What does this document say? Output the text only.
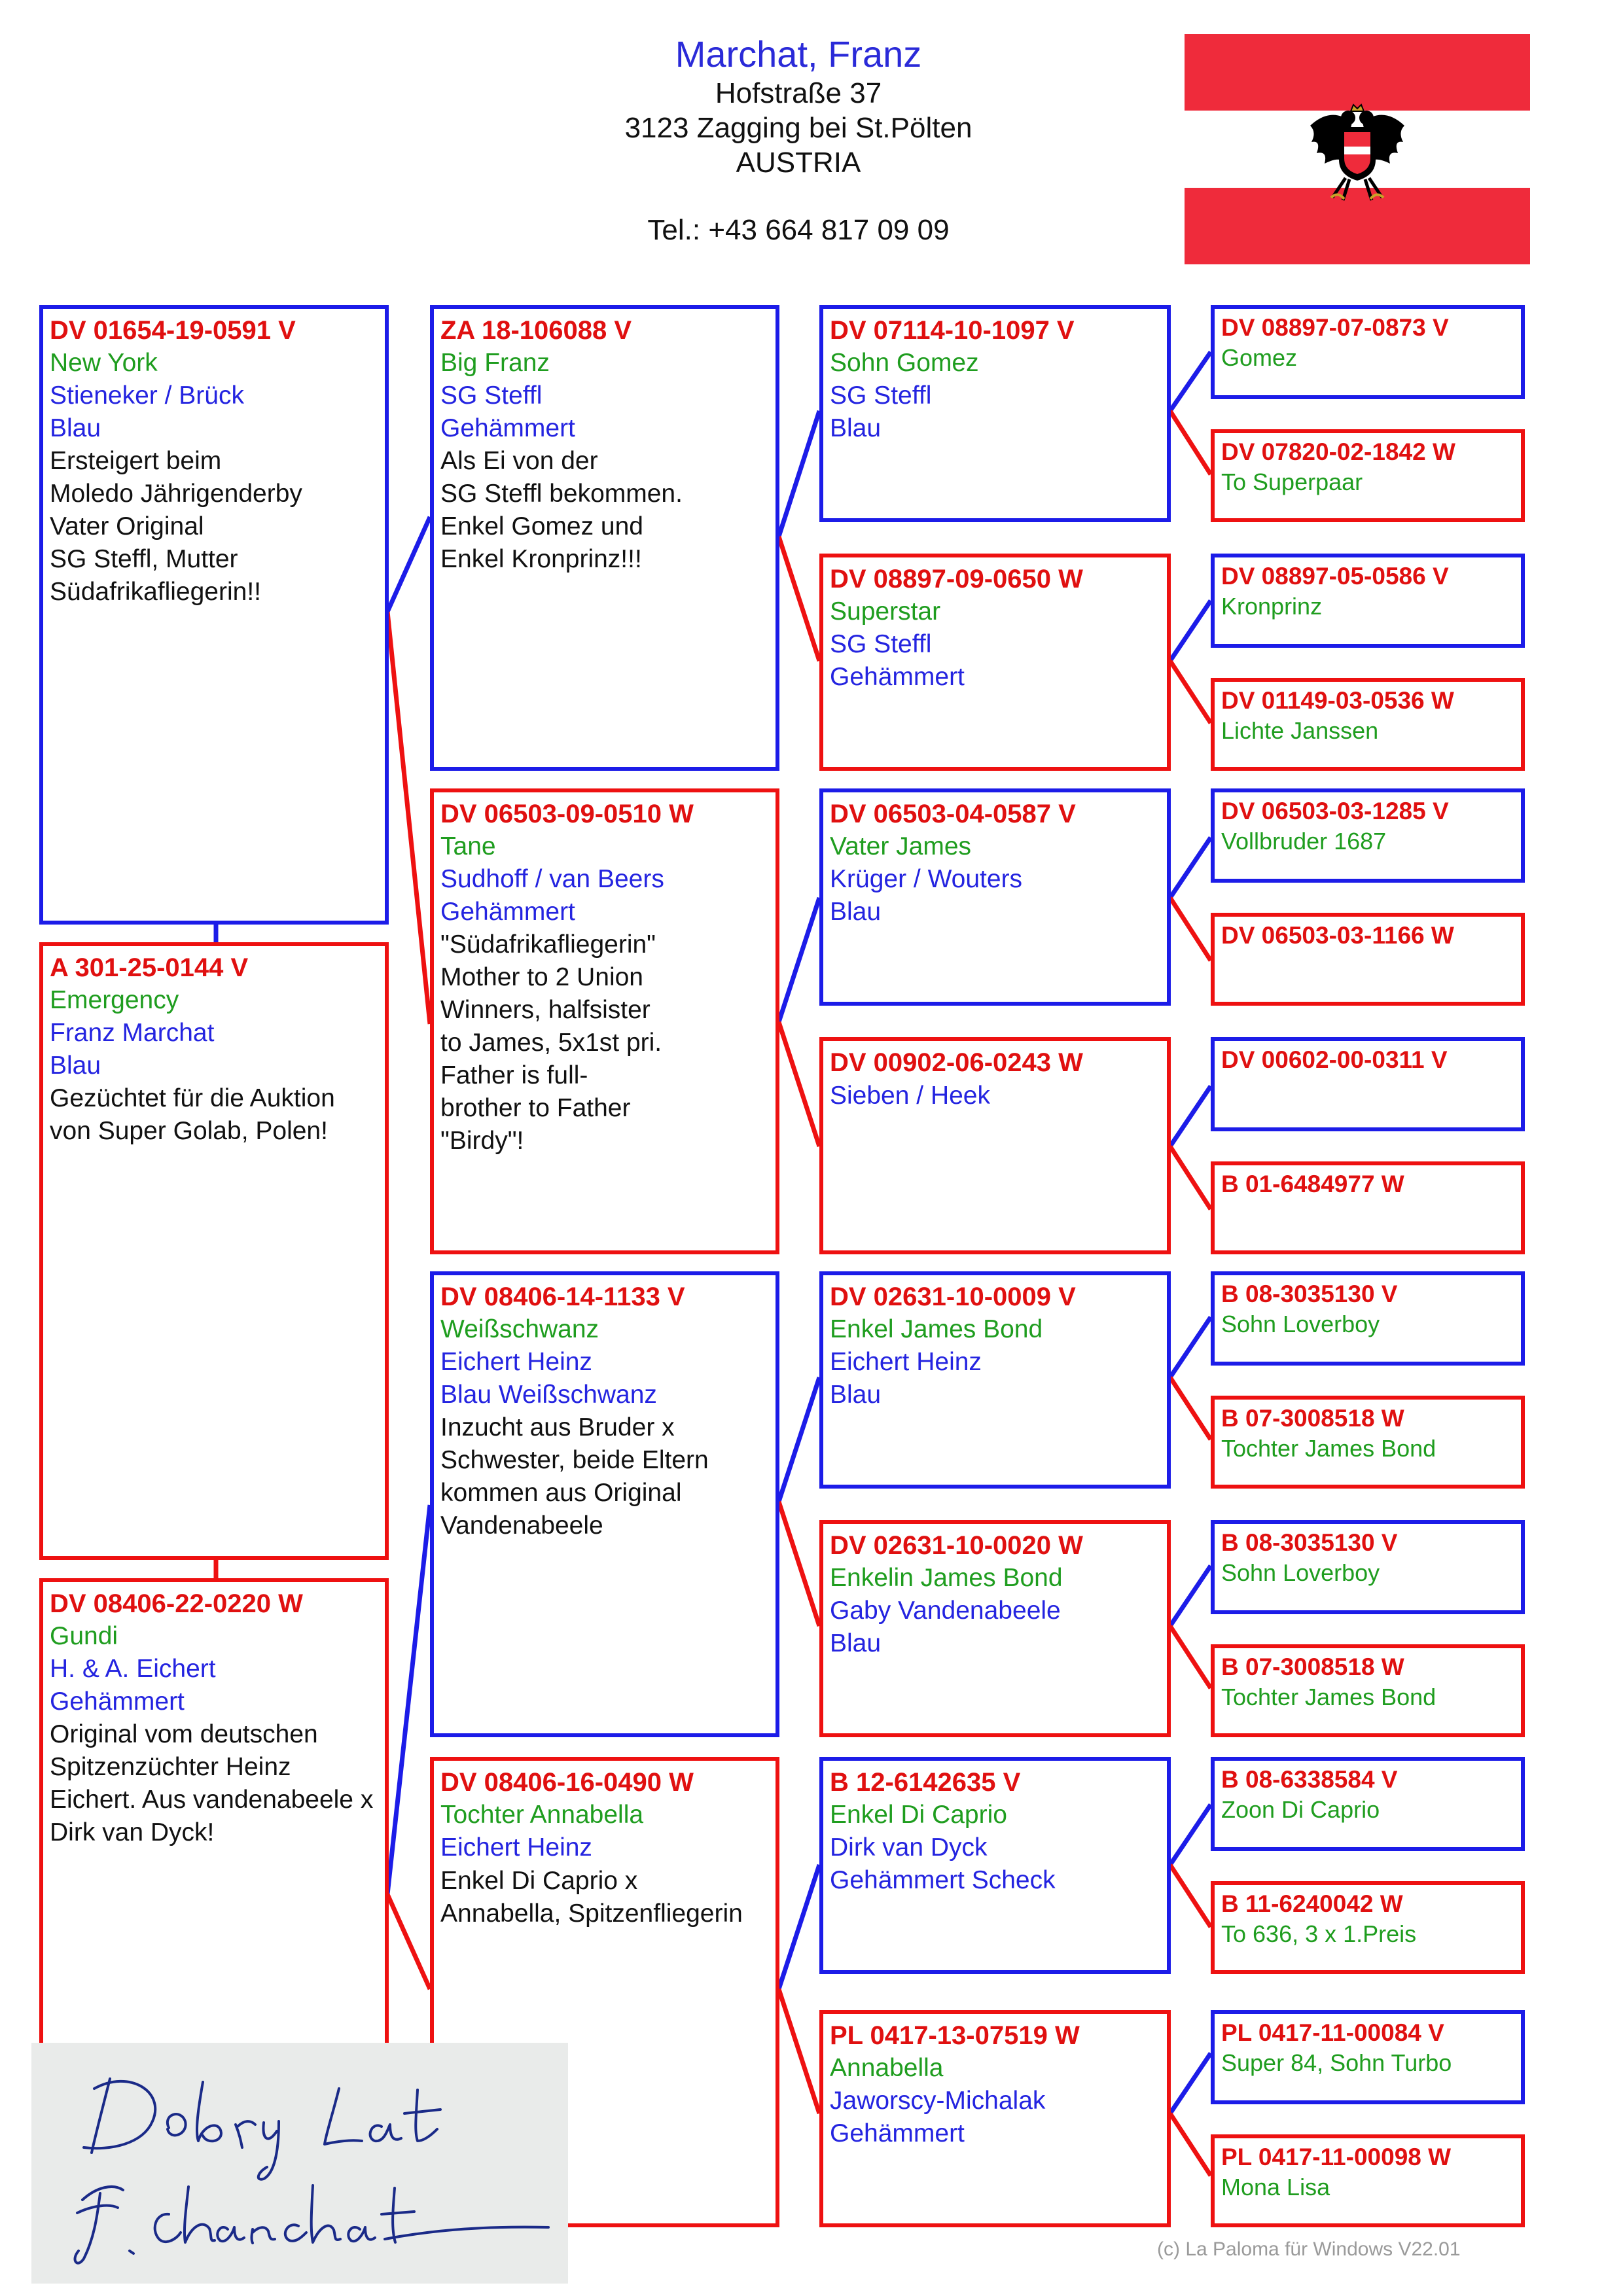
Marchat, Franz
Hofstraße 37
3123 Zagging bei St.Pölten
AUSTRIA
Tel.: +43 664 817 09 09
DV 01654-19-0591 V
New York
Stieneker / Brück
Blau
Ersteigert beim
Moledo Jährigenderby
Vater Original
SG Steffl, Mutter
Südafrikafliegerin!!
A 301-25-0144 V
Emergency
Franz Marchat
Blau
Gezüchtet für die Auktion
von Super Golab, Polen!
DV 08406-22-0220 W
Gundi
H. & A. Eichert
Gehämmert
Original vom deutschen
Spitzenzüchter Heinz
Eichert. Aus vandenabeele x
Dirk van Dyck!
ZA 18-106088 V
Big Franz
SG Steffl
Gehämmert
Als Ei von der
SG Steffl bekommen.
Enkel Gomez und
Enkel Kronprinz!!!
DV 06503-09-0510 W
Tane
Sudhoff / van Beers
Gehämmert
"Südafrikafliegerin"
Mother to 2 Union
Winners, halfsister
to James, 5x1st pri.
Father is full-
brother to Father
"Birdy"!
DV 08406-14-1133 V
Weißschwanz
Eichert Heinz
Blau Weißschwanz
Inzucht aus Bruder x
Schwester, beide Eltern
kommen aus Original
Vandenabeele
DV 08406-16-0490 W
Tochter Annabella
Eichert Heinz
Enkel Di Caprio x
Annabella, Spitzenfliegerin
DV 07114-10-1097 V
Sohn Gomez
SG Steffl
Blau
DV 08897-09-0650 W
Superstar
SG Steffl
Gehämmert
DV 06503-04-0587 V
Vater James
Krüger / Wouters
Blau
DV 00902-06-0243 W
Sieben / Heek
DV 02631-10-0009 V
Enkel James Bond
Eichert Heinz
Blau
DV 02631-10-0020 W
Enkelin James Bond
Gaby Vandenabeele
Blau
B 12-6142635 V
Enkel Di Caprio
Dirk van Dyck
Gehämmert Scheck
PL 0417-13-07519 W
Annabella
Jaworscy-Michalak
Gehämmert
DV 08897-07-0873 V
Gomez
DV 07820-02-1842 W
To Superpaar
DV 08897-05-0586 V
Kronprinz
DV 01149-03-0536 W
Lichte Janssen
DV 06503-03-1285 V
Vollbruder 1687
DV 06503-03-1166 W
DV 00602-00-0311 V
B 01-6484977 W
B 08-3035130 V
Sohn Loverboy
B 07-3008518 W
Tochter James Bond
B 08-3035130 V
Sohn Loverboy
B 07-3008518 W
Tochter James Bond
B 08-6338584 V
Zoon Di Caprio
B 11-6240042 W
To 636, 3 x 1.Preis
PL 0417-11-00084 V
Super 84, Sohn Turbo
PL 0417-11-00098 W
Mona Lisa
(c) La Paloma für Windows V22.01
